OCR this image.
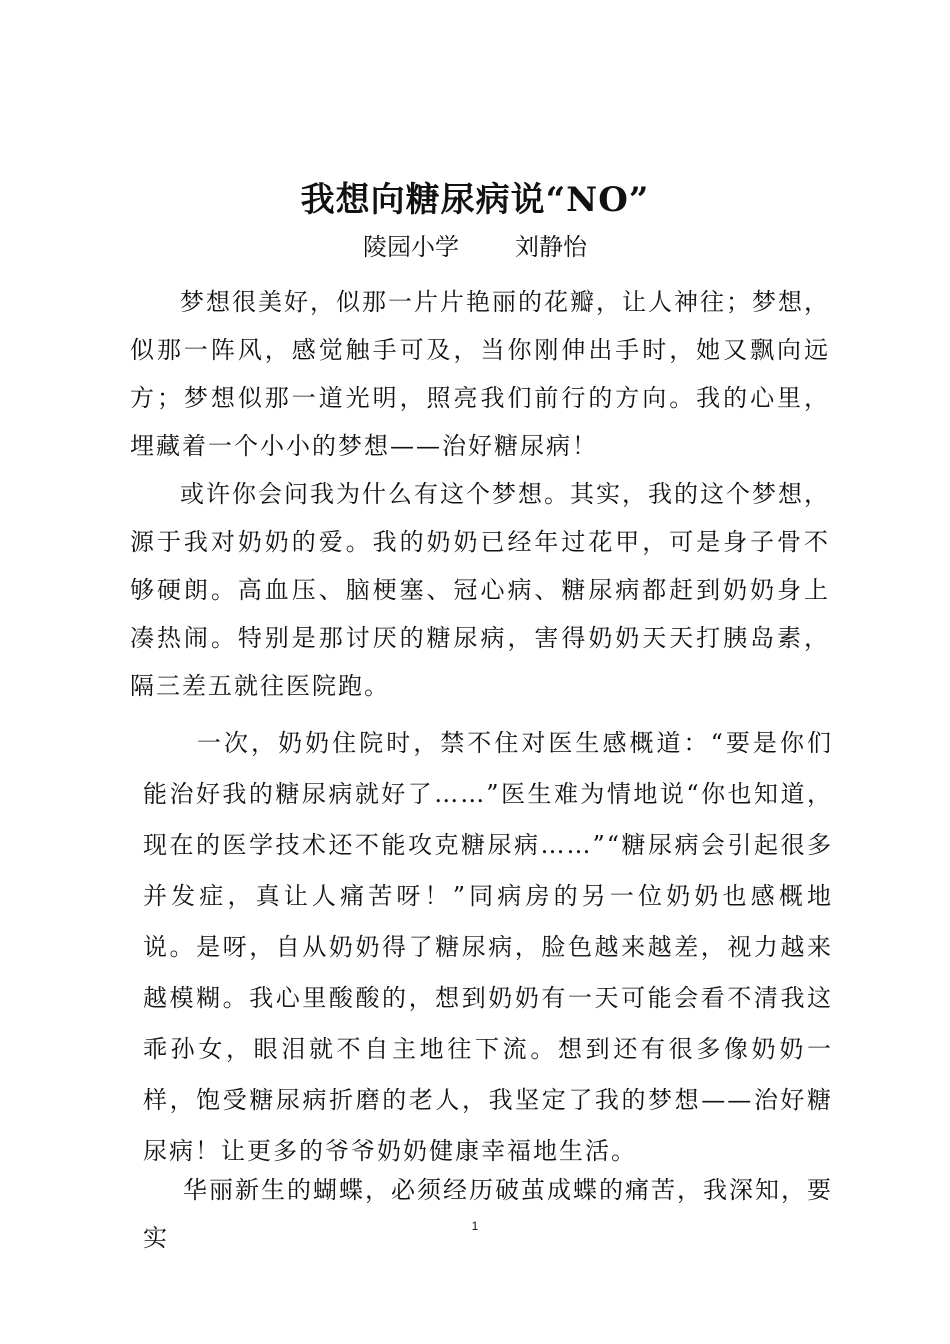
我想向糖尿病说“NO”
陵园小学 刘静怡

梦想很美好，似那一片片艳丽的花瓣，让人神往；梦想，似那一阵风，感觉触手可及，当你刚伸出手时，她又飘向远方；梦想似那一道光明，照亮我们前行的方向。我的心里，埋藏着一个小小的梦想——治好糖尿病！

或许你会问我为什么有这个梦想。其实，我的这个梦想，源于我对奶奶的爱。我的奶奶已经年过花甲，可是身子骨不够硬朗。高血压、脑梗塞、冠心病、糖尿病都赶到奶奶身上凑热闹。特别是那讨厌的糖尿病，害得奶奶天天打胰岛素，隔三差五就往医院跑。

一次，奶奶住院时，禁不住对医生感概道：“要是你们能治好我的糖尿病就好了……”医生难为情地说“你也知道，现在的医学技术还不能攻克糖尿病……”“糖尿病会引起很多并发症，真让人痛苦呀！”同病房的另一位奶奶也感概地说。是呀，自从奶奶得了糖尿病，脸色越来越差，视力越来越模糊。我心里酸酸的，想到奶奶有一天可能会看不清我这乖孙女，眼泪就不自主地往下流。想到还有很多像奶奶一样，饱受糖尿病折磨的老人，我坚定了我的梦想——治好糖尿病！让更多的爷爷奶奶健康幸福地生活。

华丽新生的蝴蝶，必须经历破茧成蝶的痛苦，我深知，要实	1
